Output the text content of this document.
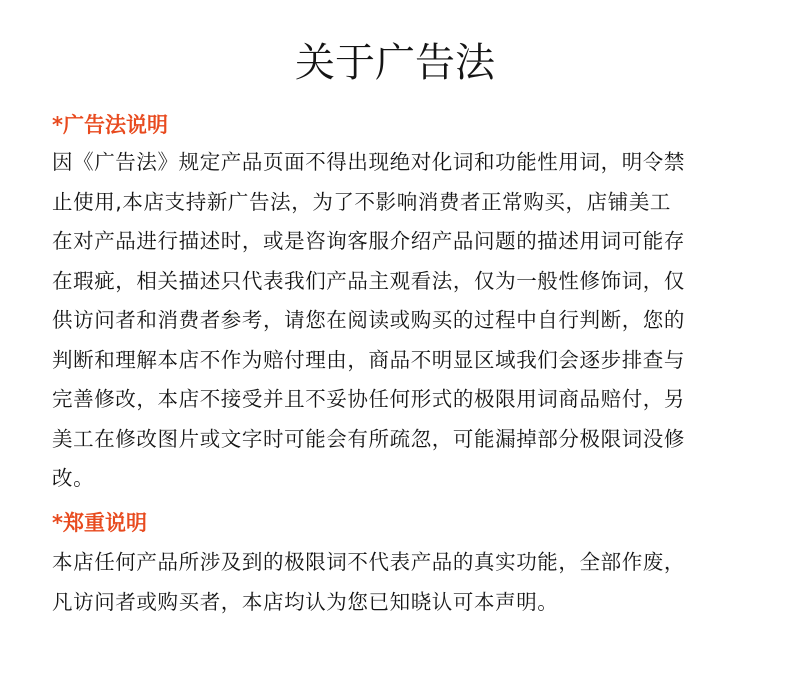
关于广告法
*广告法说明
因《广告法》规定产品页面不得出现绝对化词和功能性用词，明令禁
止使用,本店支持新广告法，为了不影响消费者正常购买，店铺美工
在对产品进行描述时，或是咨询客服介绍产品问题的描述用词可能存
在瑕疵，相关描述只代表我们产品主观看法，仅为一般性修饰词，仅
供访问者和消费者参考，请您在阅读或购买的过程中自行判断，您的
判断和理解本店不作为赔付理由，商品不明显区域我们会逐步排查与
完善修改，本店不接受并且不妥协任何形式的极限用词商品赔付，另
美工在修改图片或文字时可能会有所疏忽，可能漏掉部分极限词没修
改。
*郑重说明
本店任何产品所涉及到的极限词不代表产品的真实功能，全部作废，
凡访问者或购买者，本店均认为您已知晓认可本声明。
